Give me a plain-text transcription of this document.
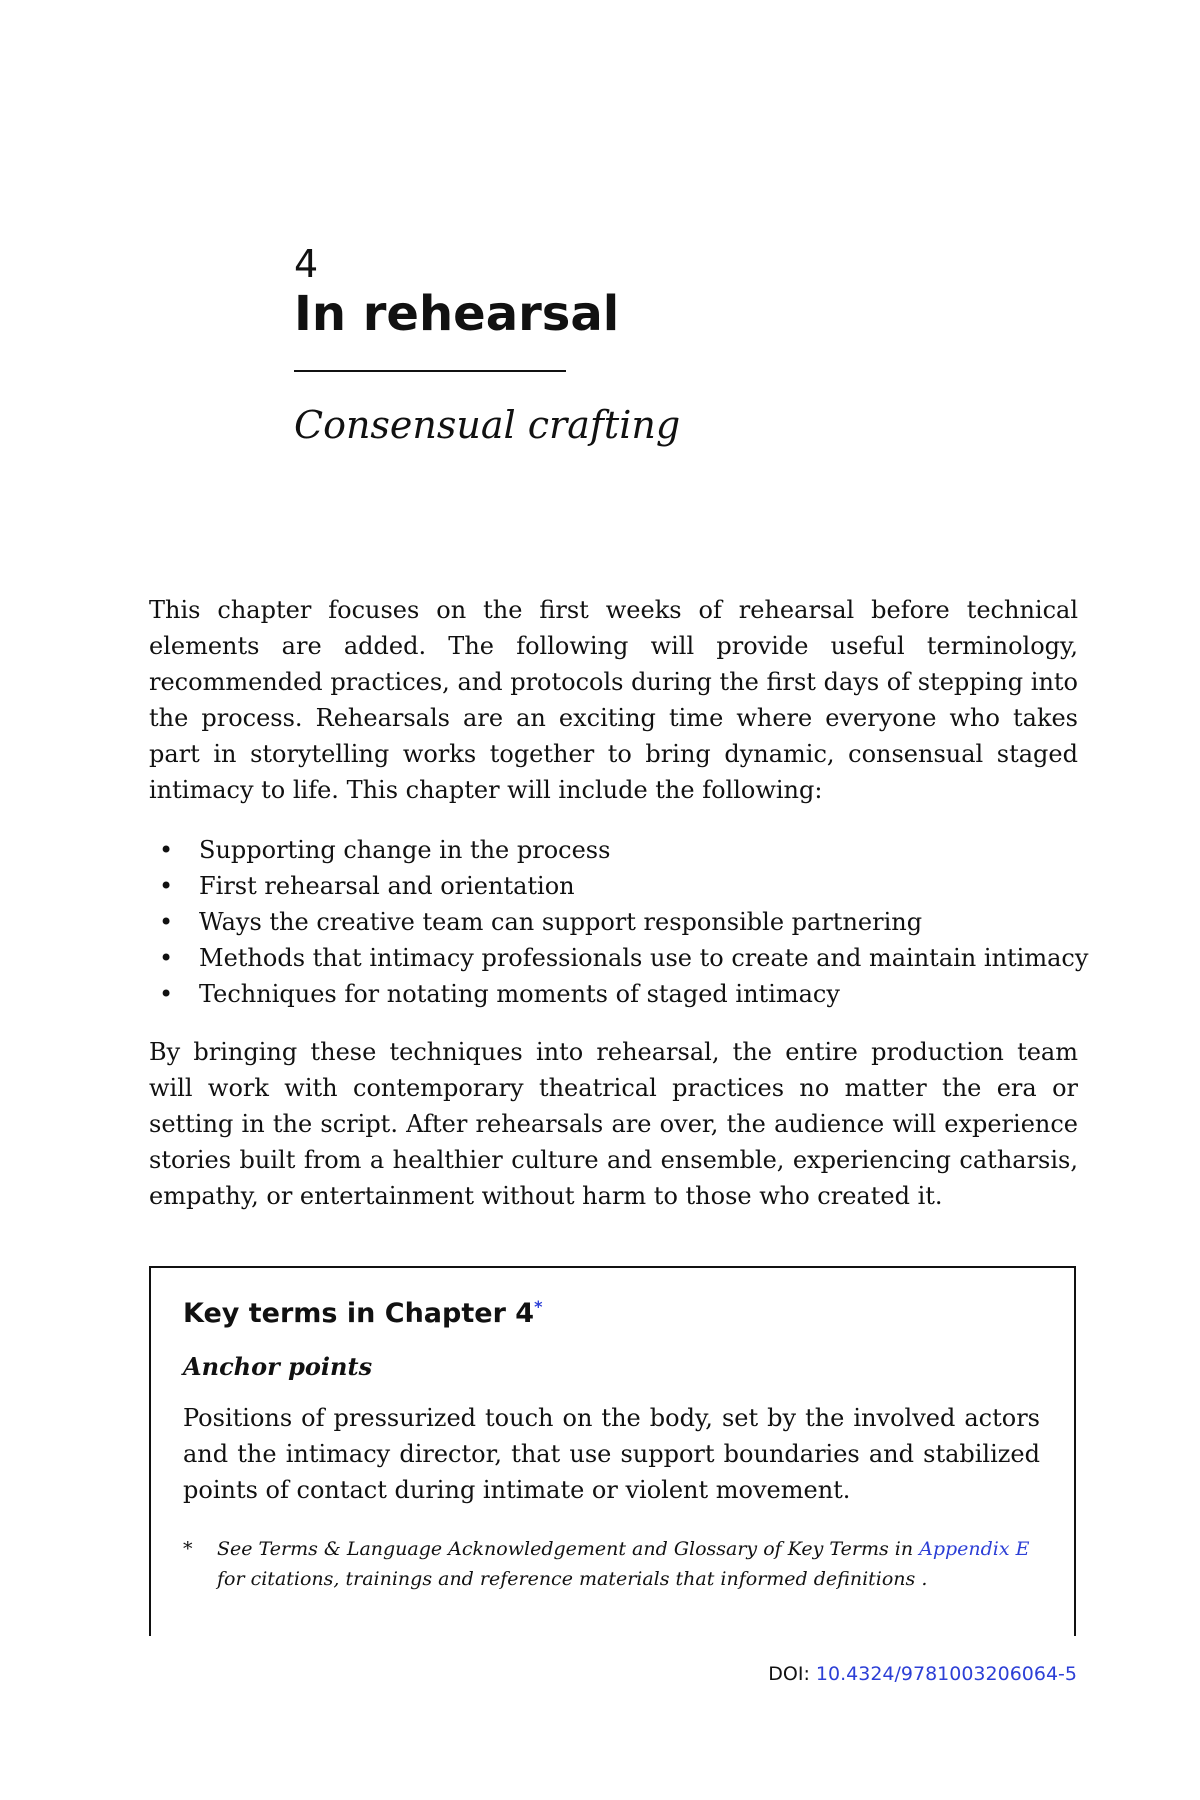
4
In rehearsal
Consensual crafting

This chapter focuses on the first weeks of rehearsal before technical elements are added. The following will provide useful terminology, recommended practices, and protocols during the first days of stepping into the process. Rehearsals are an exciting time where everyone who takes part in storytelling works together to bring dynamic, consensual staged intimacy to life. This chapter will include the following:

• Supporting change in the process
• First rehearsal and orientation
• Ways the creative team can support responsible partnering
• Methods that intimacy professionals use to create and maintain intimacy
• Techniques for notating moments of staged intimacy

By bringing these techniques into rehearsal, the entire production team will work with contemporary theatrical practices no matter the era or setting in the script. After rehearsals are over, the audience will experience stories built from a healthier culture and ensemble, experiencing catharsis, empathy, or entertainment without harm to those who created it.

Key terms in Chapter 4*
Anchor points

Positions of pressurized touch on the body, set by the involved actors and the intimacy director, that use support boundaries and stabilized points of contact during intimate or violent movement.

* See Terms & Language Acknowledgement and Glossary of Key Terms in Appendix E for citations, trainings and reference materials that informed definitions .
DOI: 10.4324/9781003206064-5
